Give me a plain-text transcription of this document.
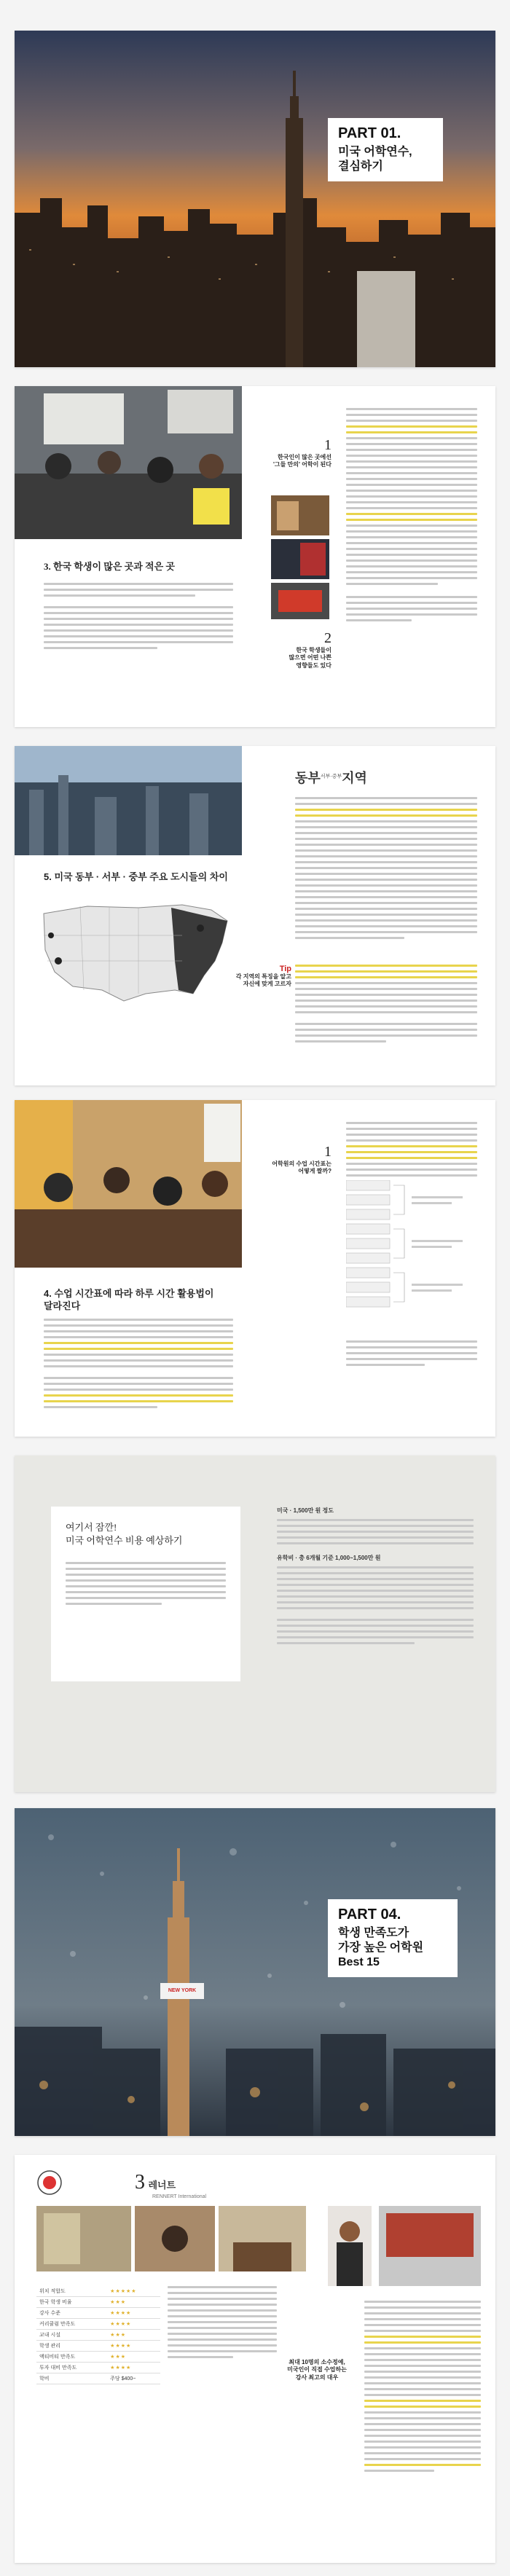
PART 01.
미국 어학연수,
결심하기
3. 한국 학생이 많은 곳과 적은 곳
1
한국인이 많은 곳에선
'그들 만의' 어학이 된다
2
한국 학생들이
많으면 어떤 나쁜
영향들도 있다
5. 미국 동부 · 서부 · 중부 주요 도시들의 차이
동부$^{서부\cdot 중부}$지역
Tip
각 지역의 특징을 알고
자신에 맞게 고르자
4. 수업 시간표에 따라 하루 시간 활용법이
달라진다
1
어학원의 수업 시간표는
어떻게 짤까?
여기서 잠깐!
미국 어학연수 비용 예상하기
미국 · 1,500만 원 정도
유학비 · 총 6개월 기준 1,000~1,500만 원
PART 04.
학생 만족도가
가장 높은 어학원
Best 15
NEW YORK
3 레너트
RENNERT International
위치 적합도	★★★★★
한국 학생 비율	★★★
강사 수준	★★★★
커리큘럼 만족도	★★★★
교내 시설	★★★
학생 관리	★★★★
액티비티 만족도	★★★
투자 대비 만족도	★★★★
학비	주당 $400~
최대 10명의 소수정예,
미국인이 직접 수업하는
강사 최고의 대우
